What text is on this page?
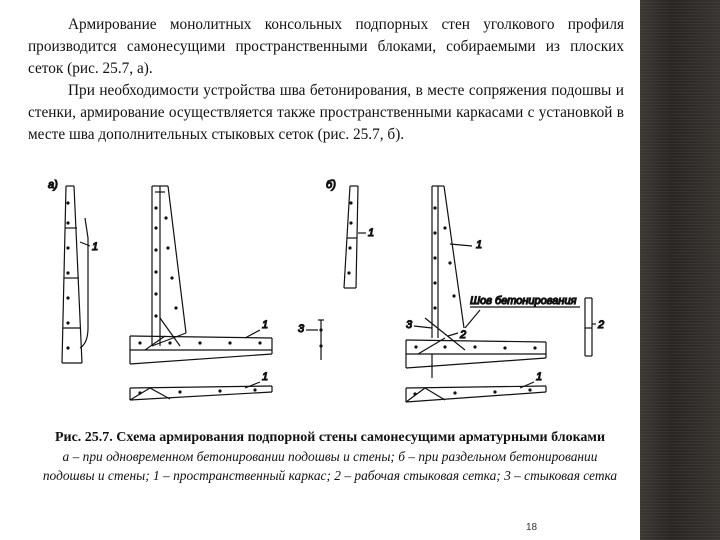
Армирование монолитных консольных подпорных стен уголкового профиля производится самонесущими пространственными блоками, собираемыми из плоских сеток (рис. 25.7, а).

При необходимости устройства шва бетонирования, в месте сопряжения подошвы и стенки, армирование осуществляется также пространственными каркасами с установкой в месте шва дополнительных стыковых сеток (рис. 25.7, б).

а)
1
1
1
б)
1
3
1
Шов бетонирования
2
3	2
1
Рис. 25.7. Схема армирования подпорной стены самонесущими арматурными блоками
а – при одновременном бетонировании подошвы и стены; б – при раздельном бетонировании подошвы и стены; 1 – пространственный каркас; 2 – рабочая стыковая сетка; 3 – стыковая сетка
18
